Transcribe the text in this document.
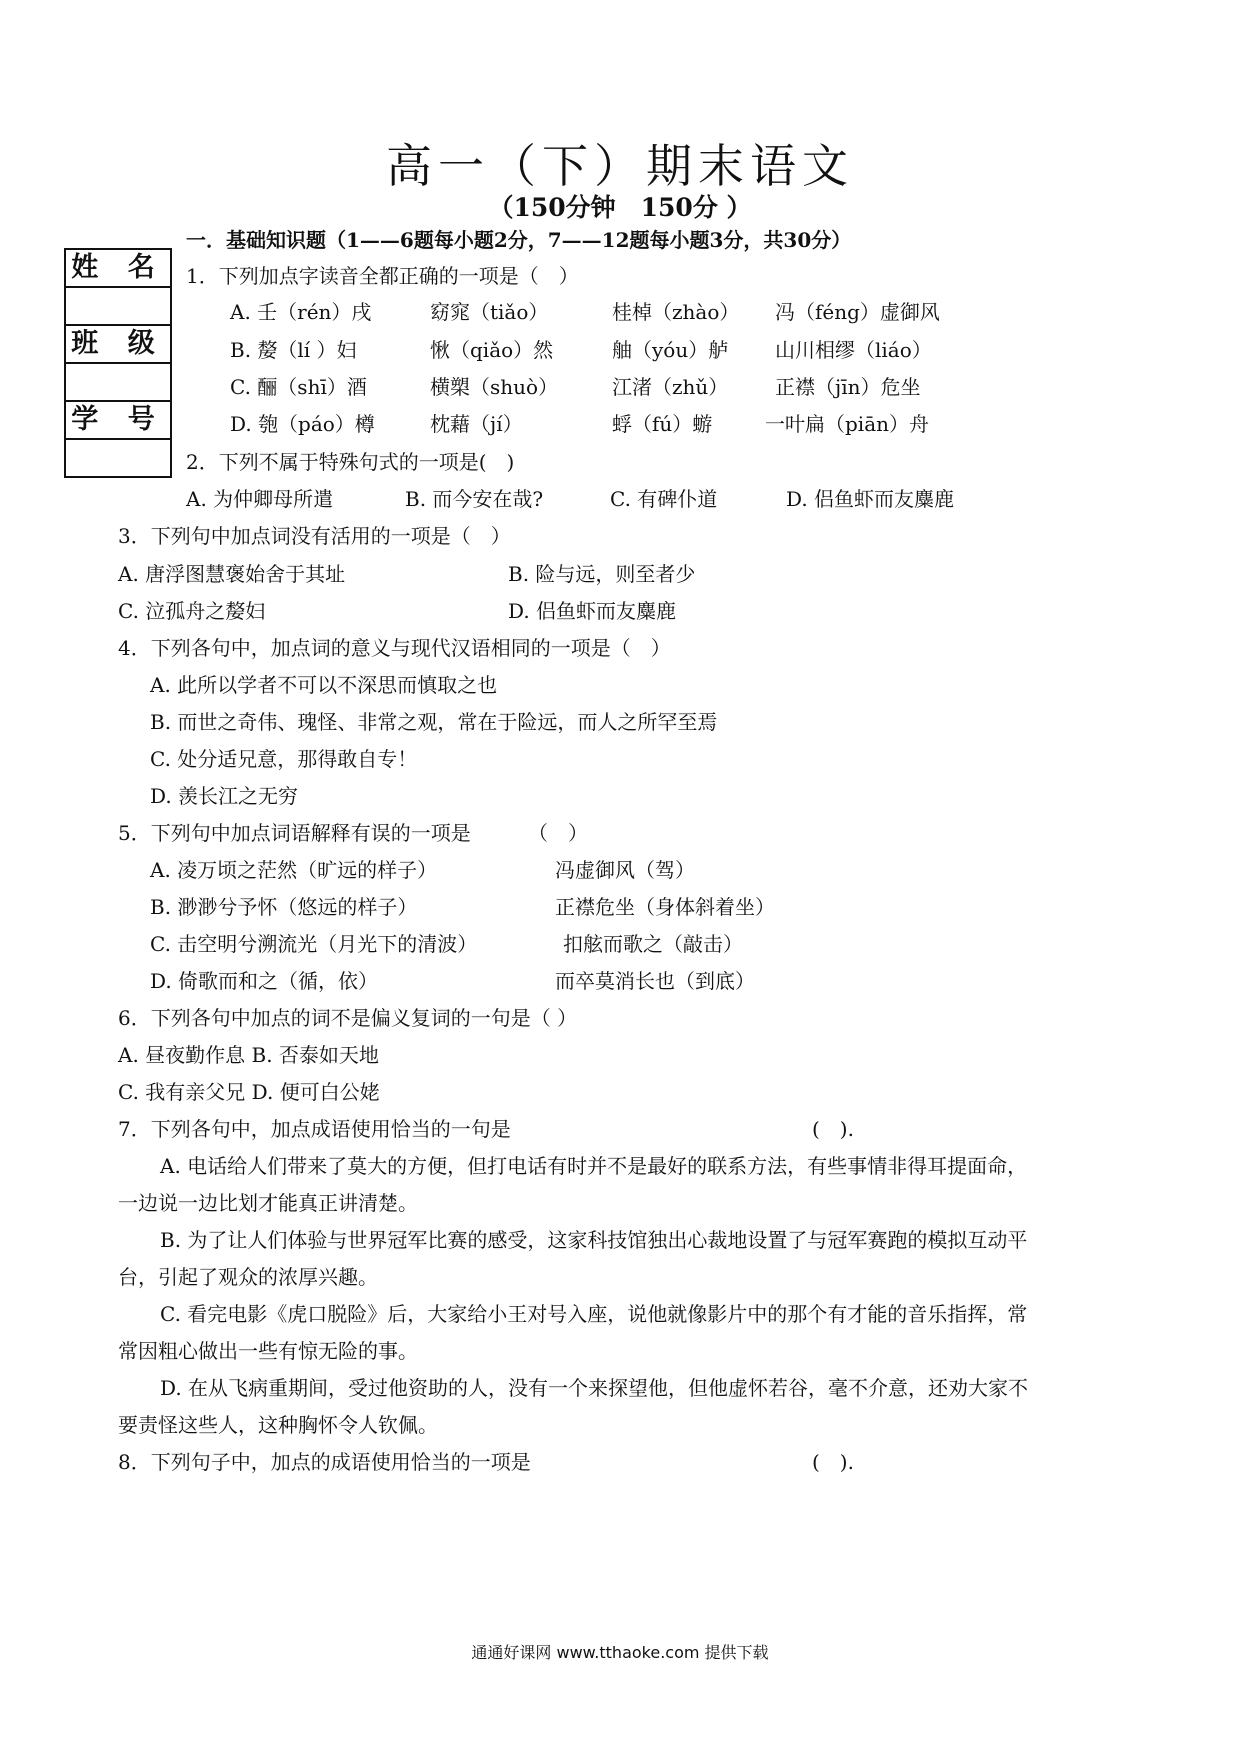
高一（下）期末语文
（150分钟　150分 ）
一．基础知识题（1——6题每小题2分，7——12题每小题3分，共30分）
姓 名
班 级
学 号
1．下列加点字读音全都正确的一项是（　）
A. 壬（rén）戌	窈窕（tiǎo）	桂棹（zhào） 冯（féng）虚御风
B. 嫠（lí ）妇	愀（qiǎo）然	舳（yóu）舻 山川相缪（liáo）
C. 酾（shī）酒	横槊（shuò）	江渚（zhǔ） 正襟（jīn）危坐
D. 匏（páo）樽	枕藉（jí）	蜉（fú）蝣	一叶扁（piān）舟
2．下列不属于特殊句式的一项是(　)
A. 为仲卿母所遣	B. 而今安在哉?	C. 有碑仆道	D. 侣鱼虾而友麋鹿
3．下列句中加点词没有活用的一项是（　）
A. 唐浮图慧褒始舍于其址	B. 险与远，则至者少
C. 泣孤舟之嫠妇	D. 侣鱼虾而友麋鹿
4．下列各句中，加点词的意义与现代汉语相同的一项是（　）
A. 此所以学者不可以不深思而慎取之也
B. 而世之奇伟、瑰怪、非常之观，常在于险远，而人之所罕至焉
C. 处分适兄意，那得敢自专！
D. 羡长江之无穷
5．下列句中加点词语解释有误的一项是	（　）
A. 凌万顷之茫然（旷远的样子）	冯虚御风（驾）
B. 渺渺兮予怀（悠远的样子）	正襟危坐（身体斜着坐）
C. 击空明兮溯流光（月光下的清波）	扣舷而歌之（敲击）
D. 倚歌而和之（循，依）	而卒莫消长也（到底）
6．下列各句中加点的词不是偏义复词的一句是（ ）
A. 昼夜勤作息 B. 否泰如天地
C. 我有亲父兄 D. 便可白公姥
7．下列各句中，加点成语使用恰当的一句是	(　).
A. 电话给人们带来了莫大的方便，但打电话有时并不是最好的联系方法，有些事情非得耳提面命，
一边说一边比划才能真正讲清楚。
B. 为了让人们体验与世界冠军比赛的感受，这家科技馆独出心裁地设置了与冠军赛跑的模拟互动平
台，引起了观众的浓厚兴趣。
C. 看完电影《虎口脱险》后，大家给小王对号入座，说他就像影片中的那个有才能的音乐指挥，常
常因粗心做出一些有惊无险的事。
D. 在从飞病重期间，受过他资助的人，没有一个来探望他，但他虚怀若谷，毫不介意，还劝大家不
要责怪这些人，这种胸怀令人钦佩。
8．下列句子中，加点的成语使用恰当的一项是	(　).
通通好课网 www.tthaoke.com 提供下载
